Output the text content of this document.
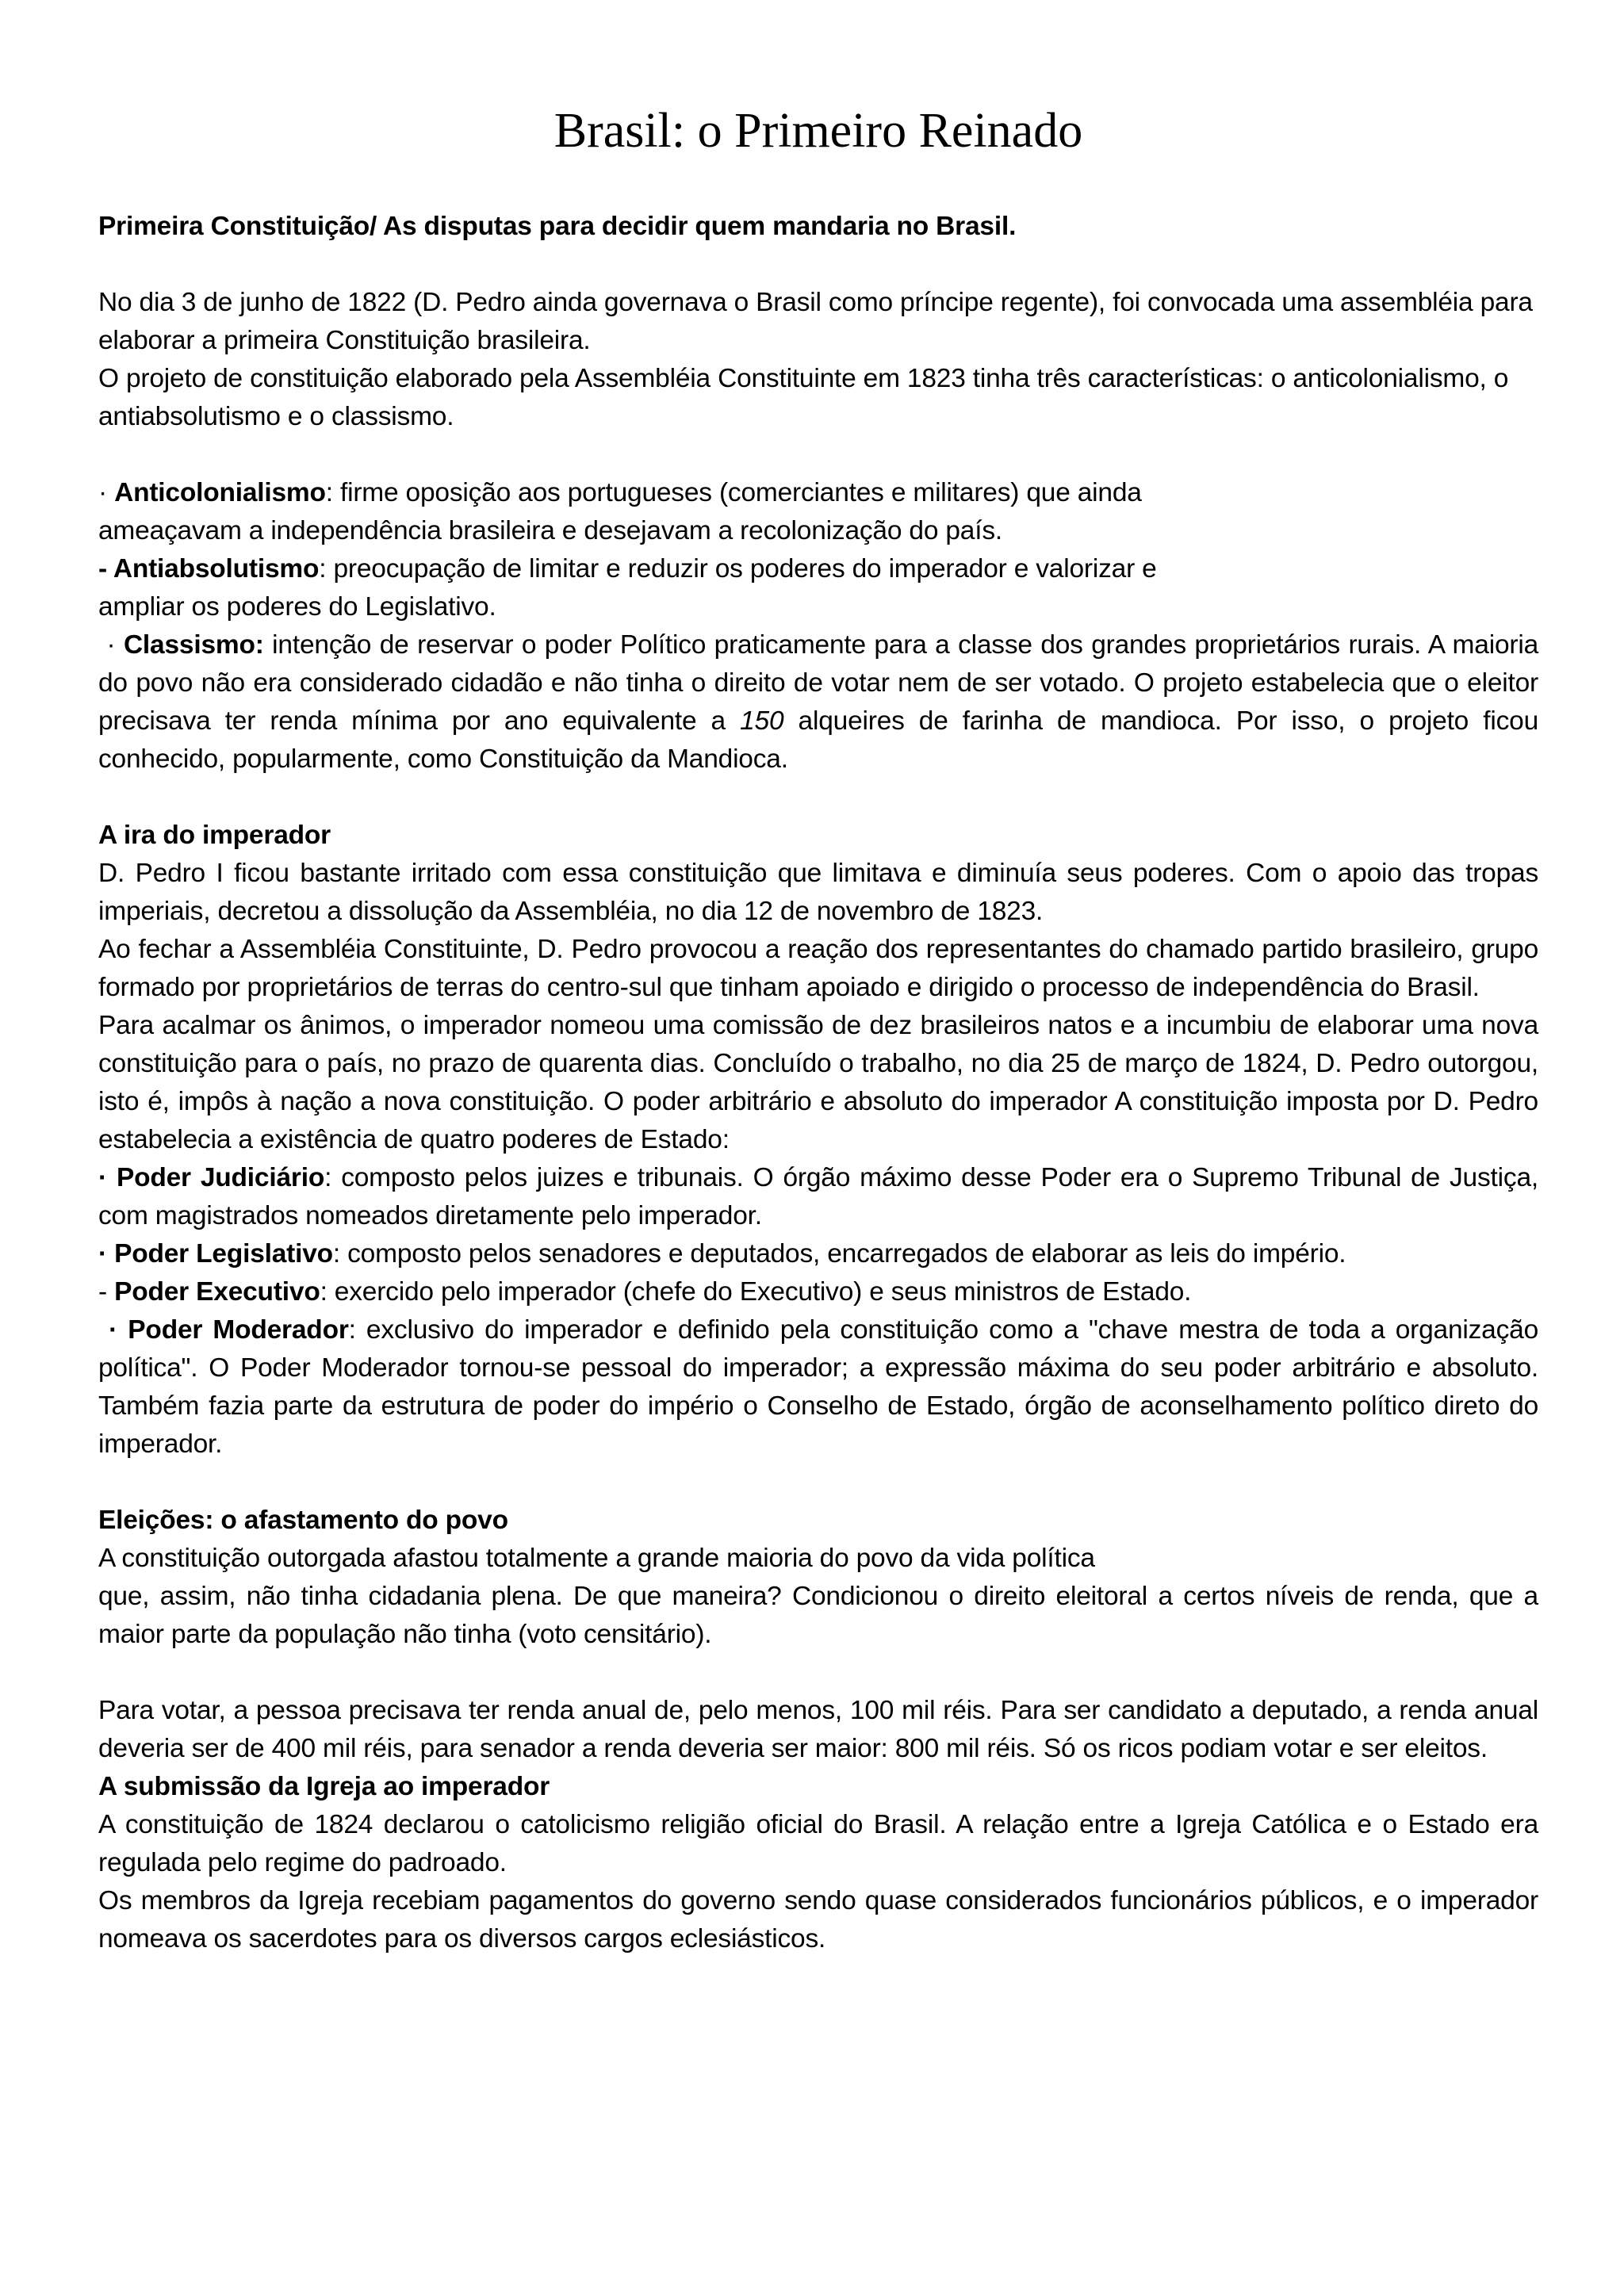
Brasil: o Primeiro Reinado

Primeira Constituição/ As disputas para decidir quem mandaria no Brasil.

No dia 3 de junho de 1822 (D. Pedro ainda governava o Brasil como príncipe regente), foi convocada uma assembléia para elaborar a primeira Constituição brasileira.

O projeto de constituição elaborado pela Assembléia Constituinte em 1823 tinha três características: o anticolonialismo, o antiabsolutismo e o classismo.

· Anticolonialismo: firme oposição aos portugueses (comerciantes e militares) que ainda
ameaçavam a independência brasileira e desejavam a recolonização do país.

- Antiabsolutismo: preocupação de limitar e reduzir os poderes do imperador e valorizar e
ampliar os poderes do Legislativo.

· Classismo: intenção de reservar o poder Político praticamente para a classe dos grandes proprietários rurais. A maioria do povo não era considerado cidadão e não tinha o direito de votar nem de ser votado. O projeto estabelecia que o eleitor precisava ter renda mínima por ano equivalente a 150 alqueires de farinha de mandioca. Por isso, o projeto ficou conhecido, popularmente, como Constituição da Mandioca.

A ira do imperador

D. Pedro I ficou bastante irritado com essa constituição que limitava e diminuía seus poderes. Com o apoio das tropas imperiais, decretou a dissolução da Assembléia, no dia 12 de novembro de 1823.

Ao fechar a Assembléia Constituinte, D. Pedro provocou a reação dos representantes do chamado partido brasileiro, grupo formado por proprietários de terras do centro-sul que tinham apoiado e dirigido o processo de independência do Brasil.

Para acalmar os ânimos, o imperador nomeou uma comissão de dez brasileiros natos e a incumbiu de elaborar uma nova constituição para o país, no prazo de quarenta dias. Concluído o trabalho, no dia 25 de março de 1824, D. Pedro outorgou, isto é, impôs à nação a nova constituição. O poder arbitrário e absoluto do imperador A constituição imposta por D. Pedro estabelecia a existência de quatro poderes de Estado:

· Poder Judiciário: composto pelos juizes e tribunais. O órgão máximo desse Poder era o Supremo Tribunal de Justiça, com magistrados nomeados diretamente pelo imperador.

· Poder Legislativo: composto pelos senadores e deputados, encarregados de elaborar as leis do império.

- Poder Executivo: exercido pelo imperador (chefe do Executivo) e seus ministros de Estado.

· Poder Moderador: exclusivo do imperador e definido pela constituição como a "chave mestra de toda a organização política". O Poder Moderador tornou-se pessoal do imperador; a expressão máxima do seu poder arbitrário e absoluto. Também fazia parte da estrutura de poder do império o Conselho de Estado, órgão de aconselhamento político direto do imperador.

Eleições: o afastamento do povo

A constituição outorgada afastou totalmente a grande maioria do povo da vida política
que, assim, não tinha cidadania plena. De que maneira? Condicionou o direito eleitoral a certos níveis de renda, que a maior parte da população não tinha (voto censitário).

Para votar, a pessoa precisava ter renda anual de, pelo menos, 100 mil réis. Para ser candidato a deputado, a renda anual deveria ser de 400 mil réis, para senador a renda deveria ser maior: 800 mil réis. Só os ricos podiam votar e ser eleitos.

A submissão da Igreja ao imperador

A constituição de 1824 declarou o catolicismo religião oficial do Brasil. A relação entre a Igreja Católica e o Estado era regulada pelo regime do padroado.

Os membros da Igreja recebiam pagamentos do governo sendo quase considerados funcionários públicos, e o imperador nomeava os sacerdotes para os diversos cargos eclesiásticos.
